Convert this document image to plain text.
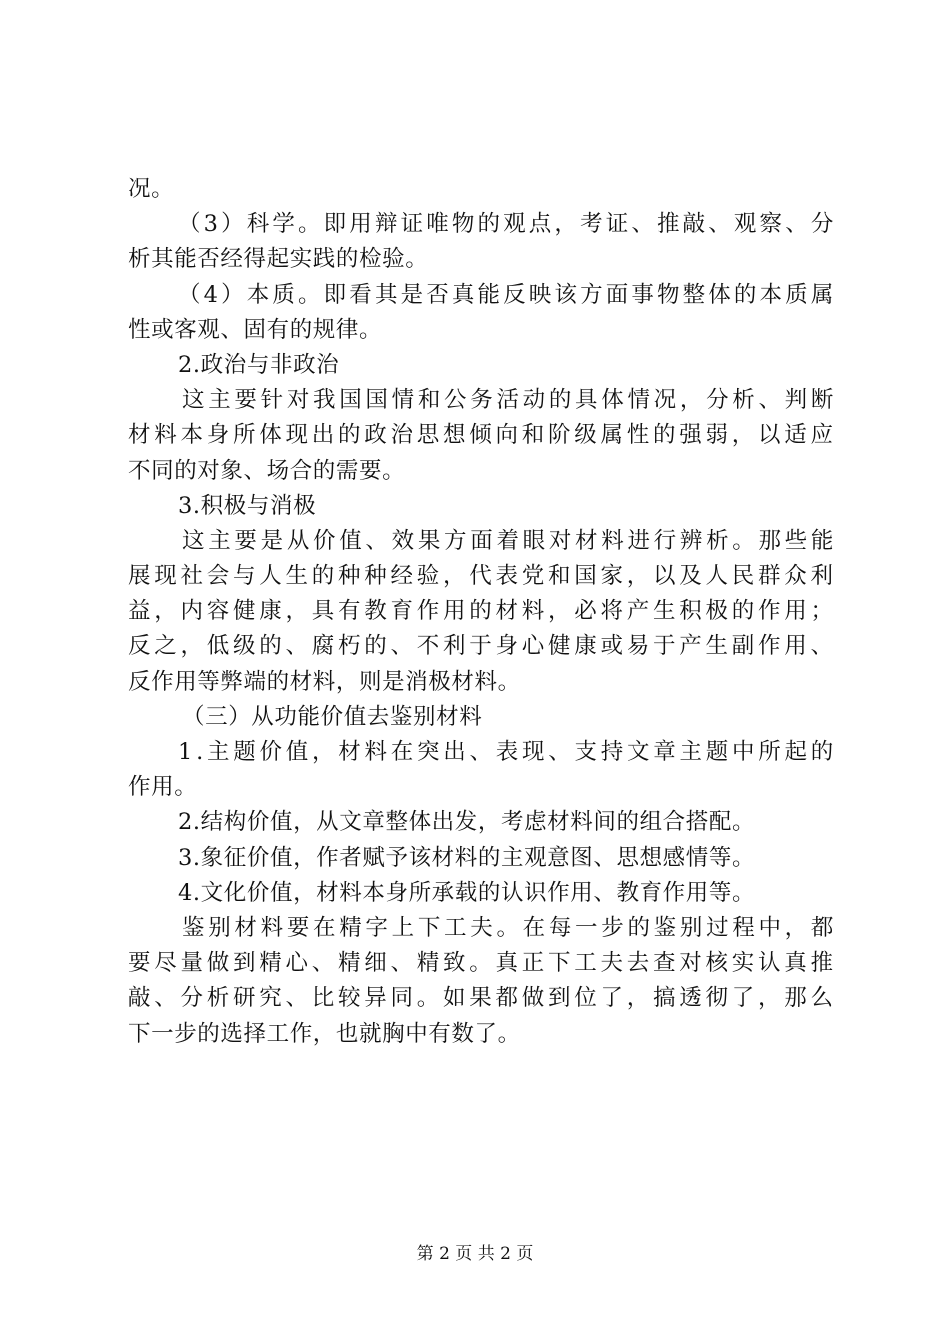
况。
（ 3 ） 科 学 。 即 用 辩 证 唯 物 的 观 点 ， 考 证 、 推 敲 、 观 察 、 分
析其能否经得起实践的检验。
（ 4 ） 本 质 。 即 看 其 是 否 真 能 反 映 该 方 面 事 物 整 体 的 本 质 属
性或客观、固有的规律。
2.政治与非政治
这 主 要 针 对 我 国 国 情 和 公 务 活 动 的 具 体 情 况 ， 分 析 、 判 断
材 料 本 身 所 体 现 出 的 政 治 思 想 倾 向 和 阶 级 属 性 的 强 弱 ， 以 适 应
不同的对象、场合的需要。
3.积极与消极
这 主 要 是 从 价 值 、 效 果 方 面 着 眼 对 材 料 进 行 辨 析 。 那 些 能
展 现 社 会 与 人 生 的 种 种 经 验 ， 代 表 党 和 国 家 ， 以 及 人 民 群 众 利
益 ， 内 容 健 康 ， 具 有 教 育 作 用 的 材 料 ， 必 将 产 生 积 极 的 作 用 ；
反 之 ， 低 级 的 、 腐 朽 的 、 不 利 于 身 心 健 康 或 易 于 产 生 副 作 用 、
反作用等弊端的材料，则是消极材料。
（三）从功能价值去鉴别材料
1 . 主 题 价 值 ， 材 料 在 突 出 、 表 现 、 支 持 文 章 主 题 中 所 起 的
作用。
2.结构价值，从文章整体出发，考虑材料间的组合搭配。
3.象征价值，作者赋予该材料的主观意图、思想感情等。
4.文化价值，材料本身所承载的认识作用、教育作用等。
鉴 别 材 料 要 在 精 字 上 下 工 夫 。 在 每 一 步 的 鉴 别 过 程 中 ， 都
要 尽 量 做 到 精 心 、 精 细 、 精 致 。 真 正 下 工 夫 去 查 对 核 实 认 真 推
敲 、 分 析 研 究 、 比 较 异 同 。 如 果 都 做 到 位 了 ， 搞 透 彻 了 ， 那 么
下一步的选择工作，也就胸中有数了。
第 2 页 共 2 页
